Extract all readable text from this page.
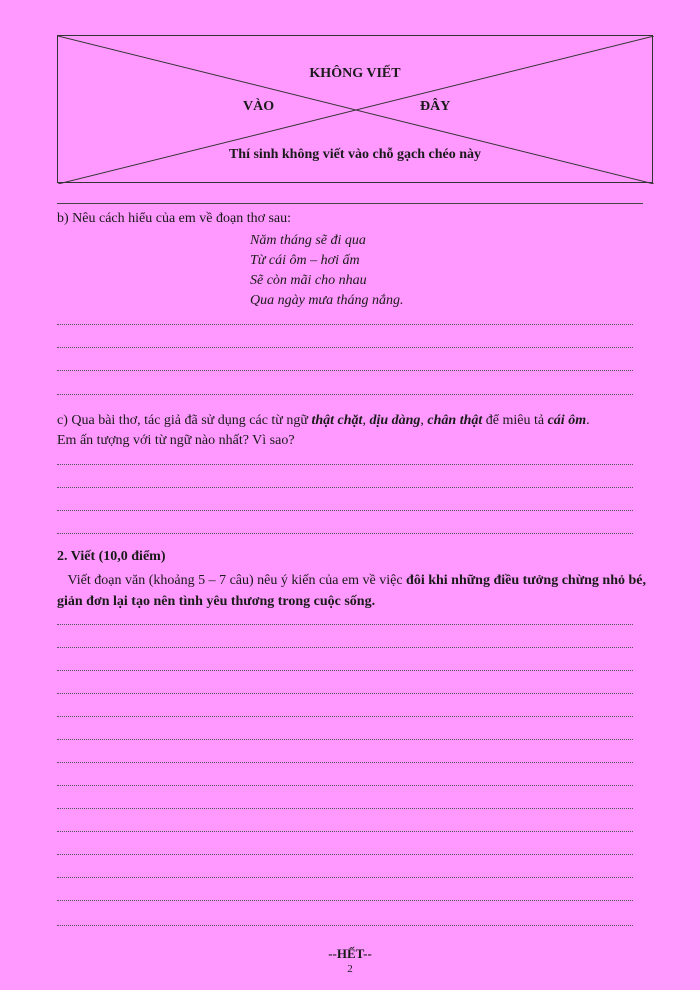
KHÔNG VIẾT
VÀO	ĐÂY
Thí sinh không viết vào chỗ gạch chéo này
b) Nêu cách hiểu của em về đoạn thơ sau:
Năm tháng sẽ đi qua
Từ cái ôm – hơi ấm
Sẽ còn mãi cho nhau
Qua ngày mưa tháng nắng.
c) Qua bài thơ, tác giả đã sử dụng các từ ngữ thật chặt, dịu dàng, chân thật để miêu tả cái ôm.
Em ấn tượng với từ ngữ nào nhất? Vì sao?
2. Viết (10,0 điểm)
Viết đoạn văn (khoảng 5 – 7 câu) nêu ý kiến của em về việc đôi khi những điều tưởng chừng nhỏ bé, giản đơn lại tạo nên tình yêu thương trong cuộc sống.
--HẾT--
2
